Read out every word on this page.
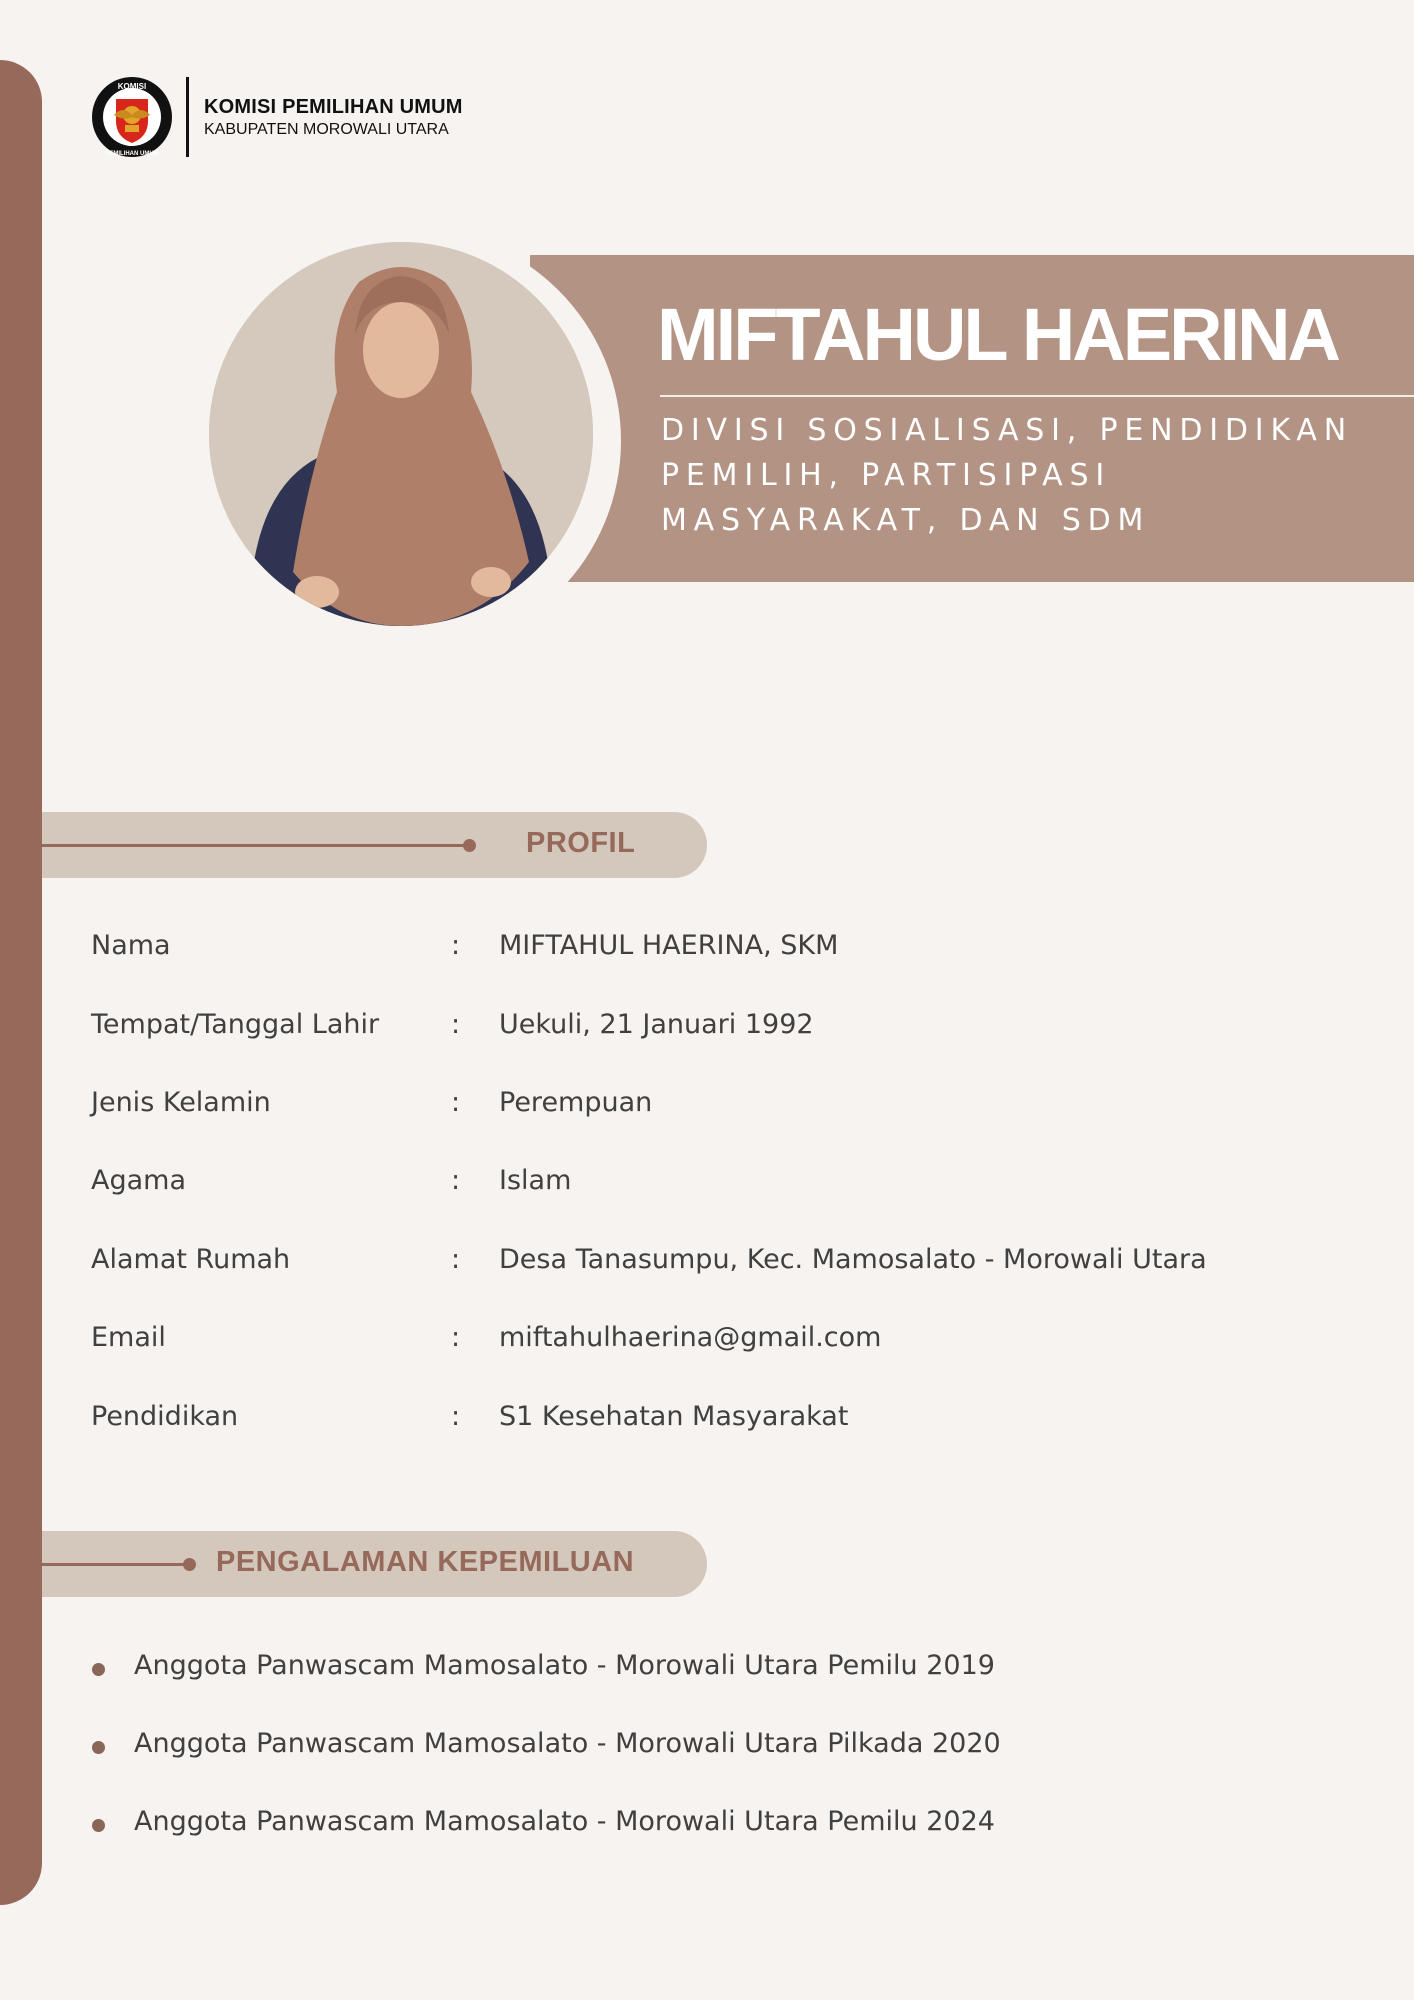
KOMISI
PEMILIHAN UMUM
KOMISI PEMILIHAN UMUM
KABUPATEN MOROWALI UTARA
MIFTAHUL HAERINA
DIVISI SOSIALISASI, PENDIDIKAN
PEMILIH, PARTISIPASI
MASYARAKAT, DAN SDM
PROFIL
Nama	: MIFTAHUL HAERINA, SKM
Tempat/Tanggal Lahir	: Uekuli, 21 Januari 1992
Jenis Kelamin	: Perempuan
Agama	: Islam
Alamat Rumah	: Desa Tanasumpu, Kec. Mamosalato - Morowali Utara
Email	: miftahulhaerina@gmail.com
Pendidikan	: S1 Kesehatan Masyarakat
PENGALAMAN KEPEMILUAN
Anggota Panwascam Mamosalato - Morowali Utara Pemilu 2019
Anggota Panwascam Mamosalato - Morowali Utara Pilkada 2020
Anggota Panwascam Mamosalato - Morowali Utara Pemilu 2024
